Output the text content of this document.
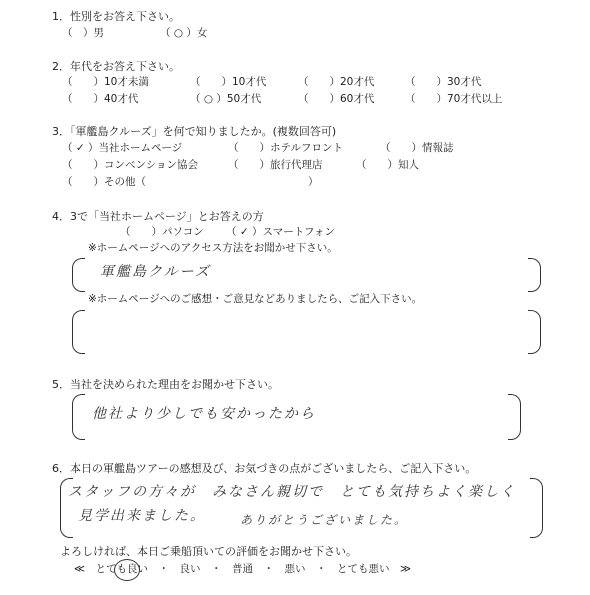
1．性別をお答え下さい。
（　）男	（ ○ ）女
2．年代をお答え下さい。
（　　）10才未満	（　　）10才代	（　　）20才代	（　　）30才代
（　　）40才代	（ ○ ）50才代	（　　）60才代	（　　）70才代以上
3．「軍艦島クルーズ」を何で知りましたか。(複数回答可)
（ ✓ ）当社ホームページ	（　　）ホテルフロント	（　　）情報誌
（　　）コンベンション協会	（　　）旅行代理店	（　　）知人
（　　）その他（	）
4．3で「当社ホームページ」とお答えの方
（　　）パソコン （ ✓ ）スマートフォン
※ホームページへのアクセス方法をお聞かせ下さい。
軍艦島クルーズ
※ホームページへのご感想・ご意見などありましたら、ご記入下さい。
5．当社を決められた理由をお聞かせ下さい。
他社より少しでも安かったから
6．本日の軍艦島ツアーの感想及び、お気づきの点がございましたら、ご記入下さい。
スタッフの方々が　みなさん親切で　とても気持ちよく楽しく
見学出来ました。	ありがとうございました。
よろしければ、本日ご乗船頂いての評価をお聞かせ下さい。
≪　とても良い　・　良い　・　普通　・　悪い　・　とても悪い　≫
